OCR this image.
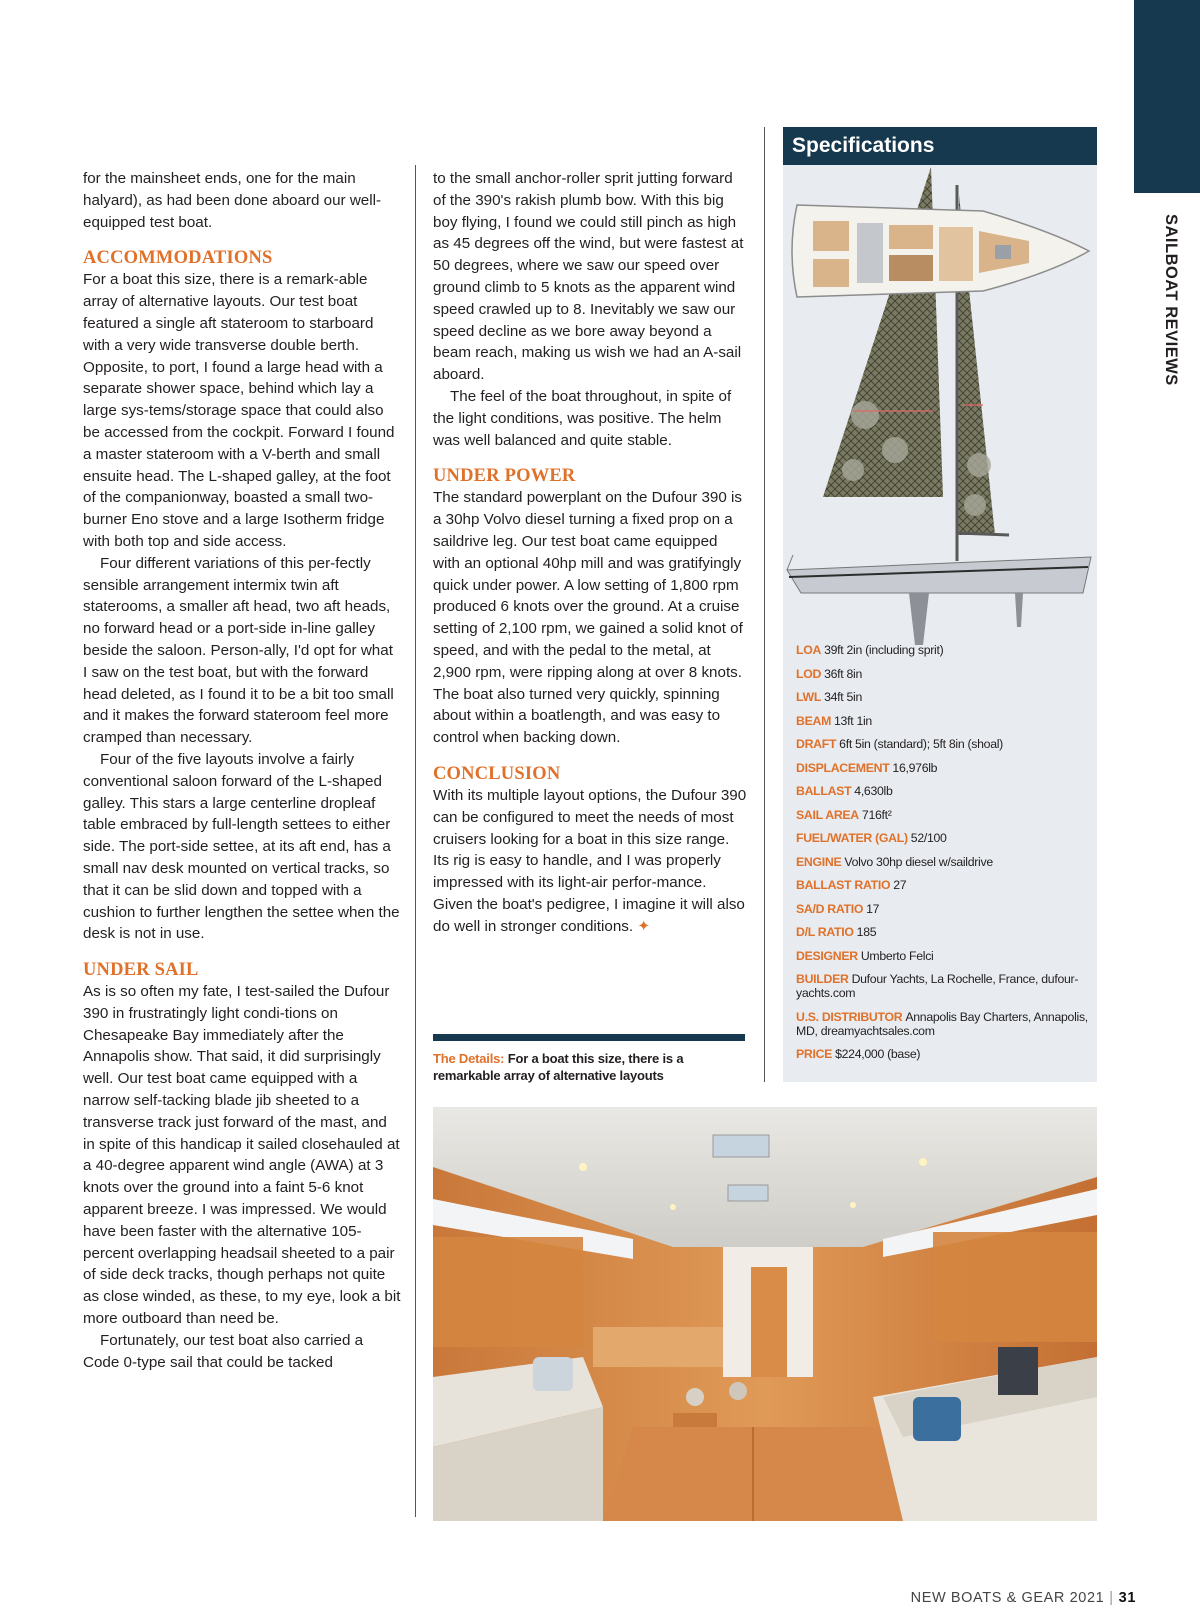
SAILBOAT REVIEWS

for the mainsheet ends, one for the main halyard), as had been done aboard our well-equipped test boat.

ACCOMMODATIONS

For a boat this size, there is a remark-able array of alternative layouts. Our test boat featured a single aft stateroom to starboard with a very wide transverse double berth. Opposite, to port, I found a large head with a separate shower space, behind which lay a large sys-tems/storage space that could also be accessed from the cockpit. Forward I found a master stateroom with a V-berth and small ensuite head. The L-shaped galley, at the foot of the companionway, boasted a small two-burner Eno stove and a large Isotherm fridge with both top and side access.

Four different variations of this per-fectly sensible arrangement intermix twin aft staterooms, a smaller aft head, two aft heads, no forward head or a port-side in-line galley beside the saloon. Person-ally, I'd opt for what I saw on the test boat, but with the forward head deleted, as I found it to be a bit too small and it makes the forward stateroom feel more cramped than necessary.

Four of the five layouts involve a fairly conventional saloon forward of the L-shaped galley. This stars a large centerline dropleaf table embraced by full-length settees to either side. The port-side settee, at its aft end, has a small nav desk mounted on vertical tracks, so that it can be slid down and topped with a cushion to further lengthen the settee when the desk is not in use.

UNDER SAIL

As is so often my fate, I test-sailed the Dufour 390 in frustratingly light condi-tions on Chesapeake Bay immediately after the Annapolis show. That said, it did surprisingly well. Our test boat came equipped with a narrow self-tacking blade jib sheeted to a transverse track just forward of the mast, and in spite of this handicap it sailed closehauled at a 40-degree apparent wind angle (AWA) at 3 knots over the ground into a faint 5-6 knot apparent breeze. I was impressed. We would have been faster with the alternative 105-percent overlapping headsail sheeted to a pair of side deck tracks, though perhaps not quite as close winded, as these, to my eye, look a bit more outboard than need be.

Fortunately, our test boat also carried a Code 0-type sail that could be tacked

to the small anchor-roller sprit jutting forward of the 390's rakish plumb bow. With this big boy flying, I found we could still pinch as high as 45 degrees off the wind, but were fastest at 50 degrees, where we saw our speed over ground climb to 5 knots as the apparent wind speed crawled up to 8. Inevitably we saw our speed decline as we bore away beyond a beam reach, making us wish we had an A-sail aboard.

The feel of the boat throughout, in spite of the light conditions, was positive. The helm was well balanced and quite stable.

UNDER POWER

The standard powerplant on the Dufour 390 is a 30hp Volvo diesel turning a fixed prop on a saildrive leg. Our test boat came equipped with an optional 40hp mill and was gratifyingly quick under power. A low setting of 1,800 rpm produced 6 knots over the ground. At a cruise setting of 2,100 rpm, we gained a solid knot of speed, and with the pedal to the metal, at 2,900 rpm, were ripping along at over 8 knots. The boat also turned very quickly, spinning about within a boatlength, and was easy to control when backing down.

CONCLUSION

With its multiple layout options, the Dufour 390 can be configured to meet the needs of most cruisers looking for a boat in this size range. Its rig is easy to handle, and I was properly impressed with its light-air perfor-mance. Given the boat's pedigree, I imagine it will also do well in stronger conditions. ✦

The Details: For a boat this size, there is a remarkable array of alternative layouts
Specifications
LOA 39ft 2in (including sprit)
LOD 36ft 8in
LWL 34ft 5in
BEAM 13ft 1in
DRAFT 6ft 5in (standard); 5ft 8in (shoal)
DISPLACEMENT 16,976lb
BALLAST 4,630lb
SAIL AREA 716ft²
FUEL/WATER (GAL) 52/100
ENGINE Volvo 30hp diesel w/saildrive
BALLAST RATIO 27
SA/D RATIO 17
D/L RATIO 185
DESIGNER Umberto Felci
BUILDER Dufour Yachts, La Rochelle, France, dufour-yachts.com
U.S. DISTRIBUTOR Annapolis Bay Charters, Annapolis, MD, dreamyachtsales.com
PRICE $224,000 (base)
NEW BOATS & GEAR 2021 | 31
